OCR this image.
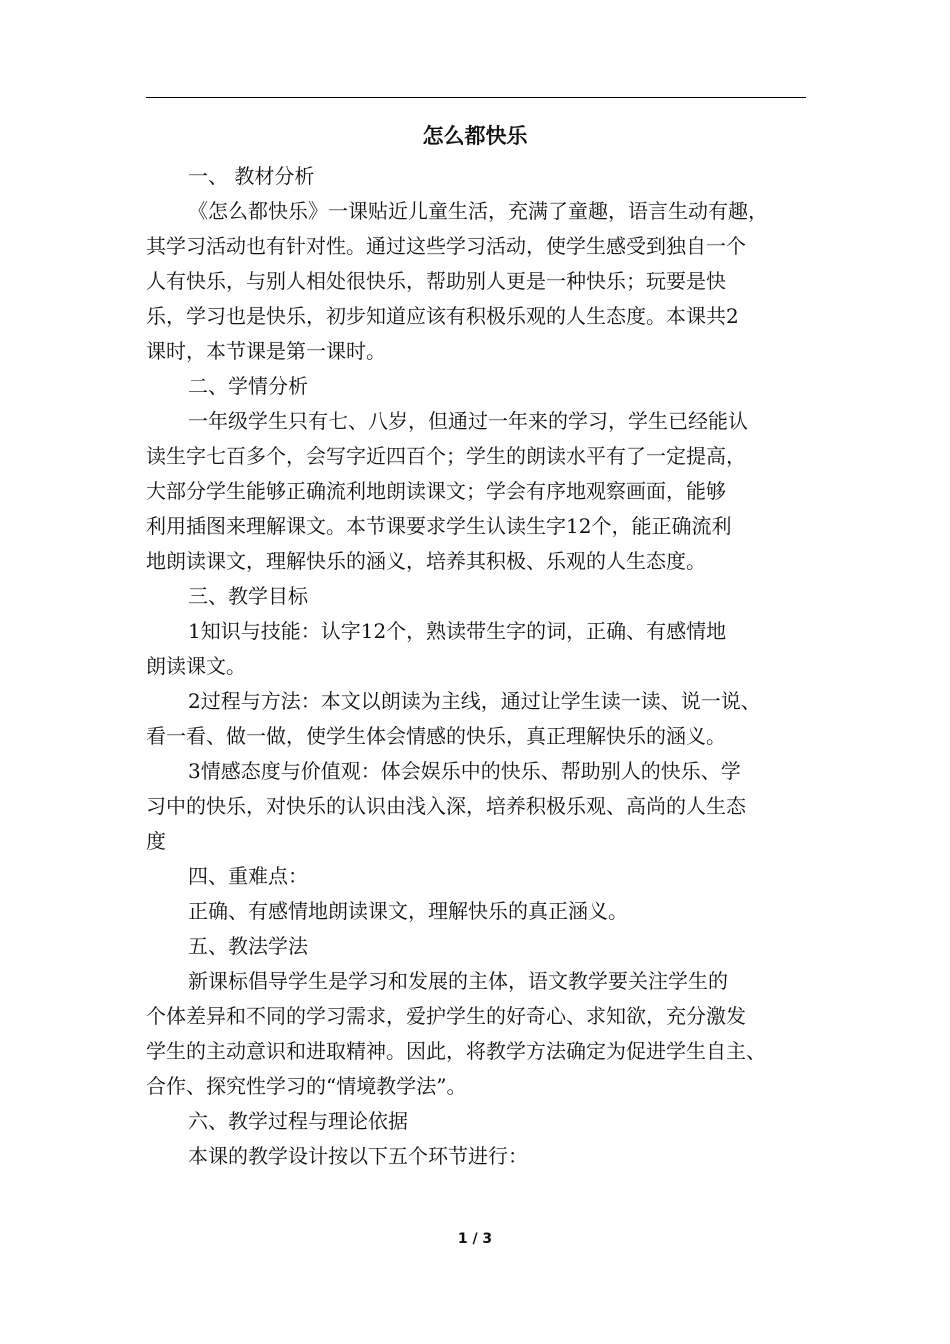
怎么都快乐

一、 教材分析

《怎么都快乐》一课贴近儿童生活，充满了童趣，语言生动有趣，

其学习活动也有针对性。通过这些学习活动，使学生感受到独自一个

人有快乐，与别人相处很快乐，帮助别人更是一种快乐；玩要是快

乐，学习也是快乐，初步知道应该有积极乐观的人生态度。本课共2

课时，本节课是第一课时。

二、学情分析

一年级学生只有七、八岁，但通过一年来的学习，学生已经能认

读生字七百多个，会写字近四百个；学生的朗读水平有了一定提高，

大部分学生能够正确流利地朗读课文；学会有序地观察画面，能够

利用插图来理解课文。本节课要求学生认读生字12个，能正确流利

地朗读课文，理解快乐的涵义，培养其积极、乐观的人生态度。

三、教学目标

1知识与技能：认字12个，熟读带生字的词，正确、有感情地

朗读课文。

2过程与方法：本文以朗读为主线，通过让学生读一读、说一说、

看一看、做一做，使学生体会情感的快乐，真正理解快乐的涵义。

3情感态度与价值观：体会娱乐中的快乐、帮助别人的快乐、学

习中的快乐，对快乐的认识由浅入深，培养积极乐观、高尚的人生态

度

四、重难点：

正确、有感情地朗读课文，理解快乐的真正涵义。

五、教法学法

新课标倡导学生是学习和发展的主体，语文教学要关注学生的

个体差异和不同的学习需求，爱护学生的好奇心、求知欲，充分激发

学生的主动意识和进取精神。因此，将教学方法确定为促进学生自主、

合作、探究性学习的“情境教学法”。

六、教学过程与理论依据

本课的教学设计按以下五个环节进行：

1 / 3
